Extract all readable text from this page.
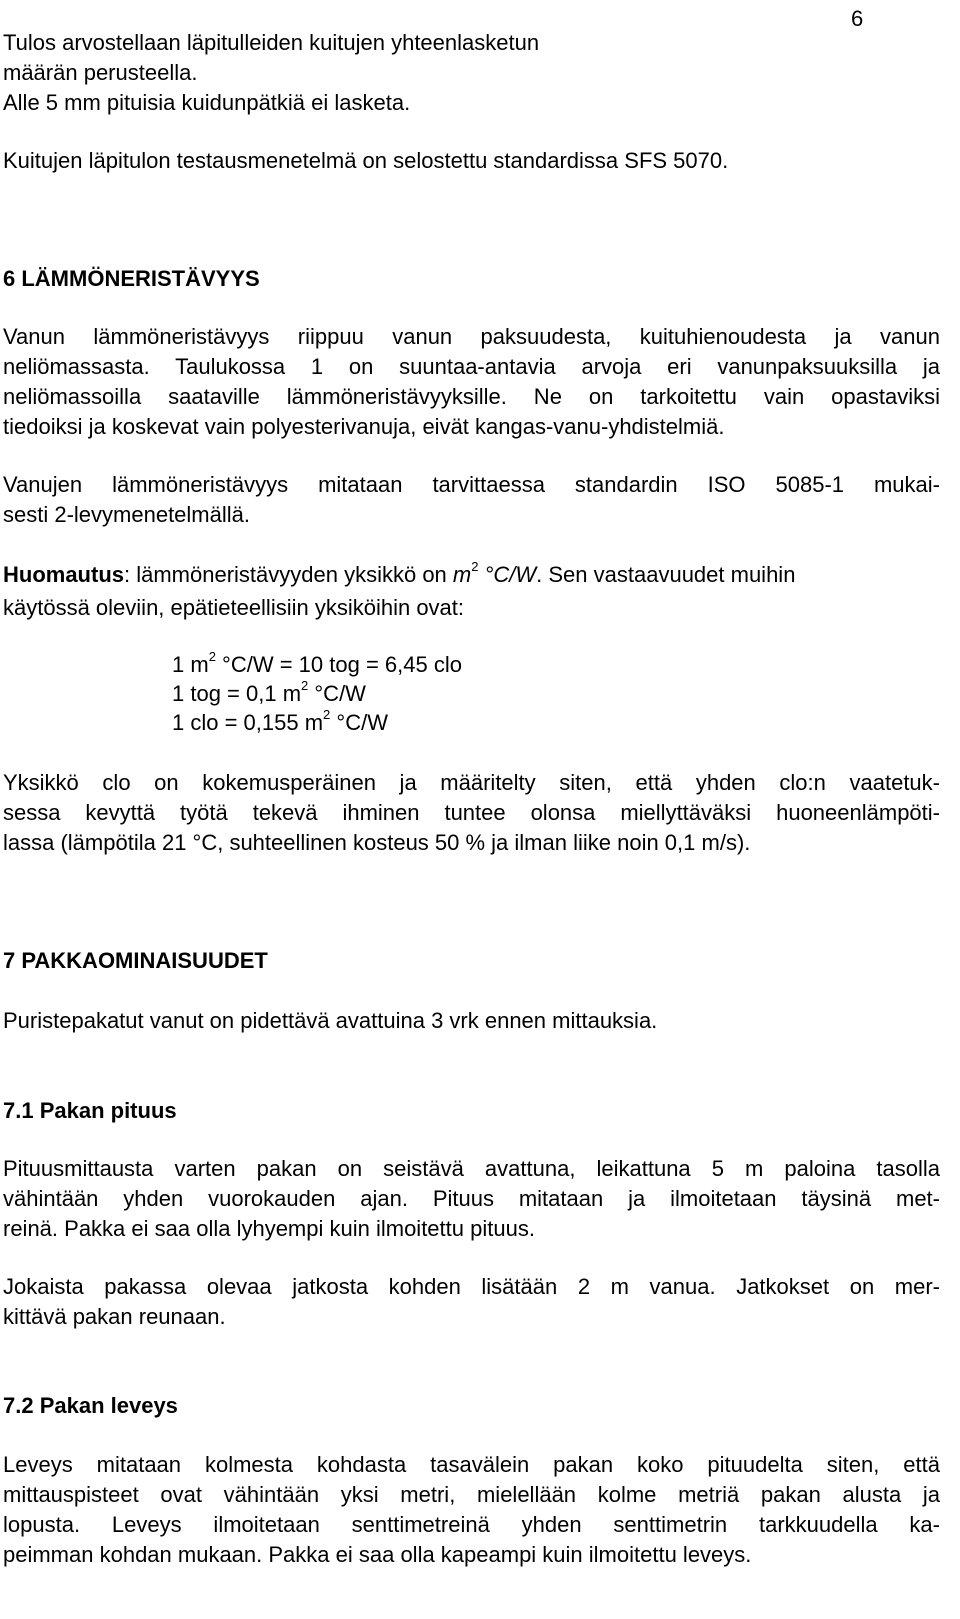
6
Tulos arvostellaan läpitulleiden kuitujen yhteenlasketun
määrän perusteella.
Alle 5 mm pituisia kuidunpätkiä ei lasketa.
Kuitujen läpitulon testausmenetelmä on selostettu standardissa SFS 5070.
6 LÄMMÖNERISTÄVYYS
Vanun lämmöneristävyys riippuu vanun paksuudesta, kuituhienoudesta ja vanun
neliömassasta. Taulukossa 1 on suuntaa-antavia arvoja eri vanunpaksuuksilla ja
neliömassoilla saataville lämmöneristävyyksille. Ne on tarkoitettu vain opastaviksi
tiedoiksi ja koskevat vain polyesterivanuja, eivät kangas-vanu-yhdistelmiä.
Vanujen lämmöneristävyys mitataan tarvittaessa standardin ISO 5085-1 mukai-
sesti 2-levymenetelmällä.
Huomautus: lämmöneristävyyden yksikkö on $m^2$ °C/W. Sen vastaavuudet muihin
käytössä oleviin, epätieteellisiin yksiköihin ovat:
1 $m^2$ °C/W = 10 tog = 6,45 clo
1 tog = 0,1 $m^2$ °C/W
1 clo = 0,155 $m^2$ °C/W
Yksikkö clo on kokemusperäinen ja määritelty siten, että yhden clo:n vaatetuk-
sessa kevyttä työtä tekevä ihminen tuntee olonsa miellyttäväksi huoneenlämpöti-
lassa (lämpötila 21 °C, suhteellinen kosteus 50 % ja ilman liike noin 0,1 m/s).
7 PAKKAOMINAISUUDET
Puristepakatut vanut on pidettävä avattuina 3 vrk ennen mittauksia.
7.1 Pakan pituus
Pituusmittausta varten pakan on seistävä avattuna, leikattuna 5 m paloina tasolla
vähintään yhden vuorokauden ajan. Pituus mitataan ja ilmoitetaan täysinä met-
reinä. Pakka ei saa olla lyhyempi kuin ilmoitettu pituus.
Jokaista pakassa olevaa jatkosta kohden lisätään 2 m vanua. Jatkokset on mer-
kittävä pakan reunaan.
7.2 Pakan leveys
Leveys mitataan kolmesta kohdasta tasavälein pakan koko pituudelta siten, että
mittauspisteet ovat vähintään yksi metri, mielellään kolme metriä pakan alusta ja
lopusta. Leveys ilmoitetaan senttimetreinä yhden senttimetrin tarkkuudella ka-
peimman kohdan mukaan. Pakka ei saa olla kapeampi kuin ilmoitettu leveys.
